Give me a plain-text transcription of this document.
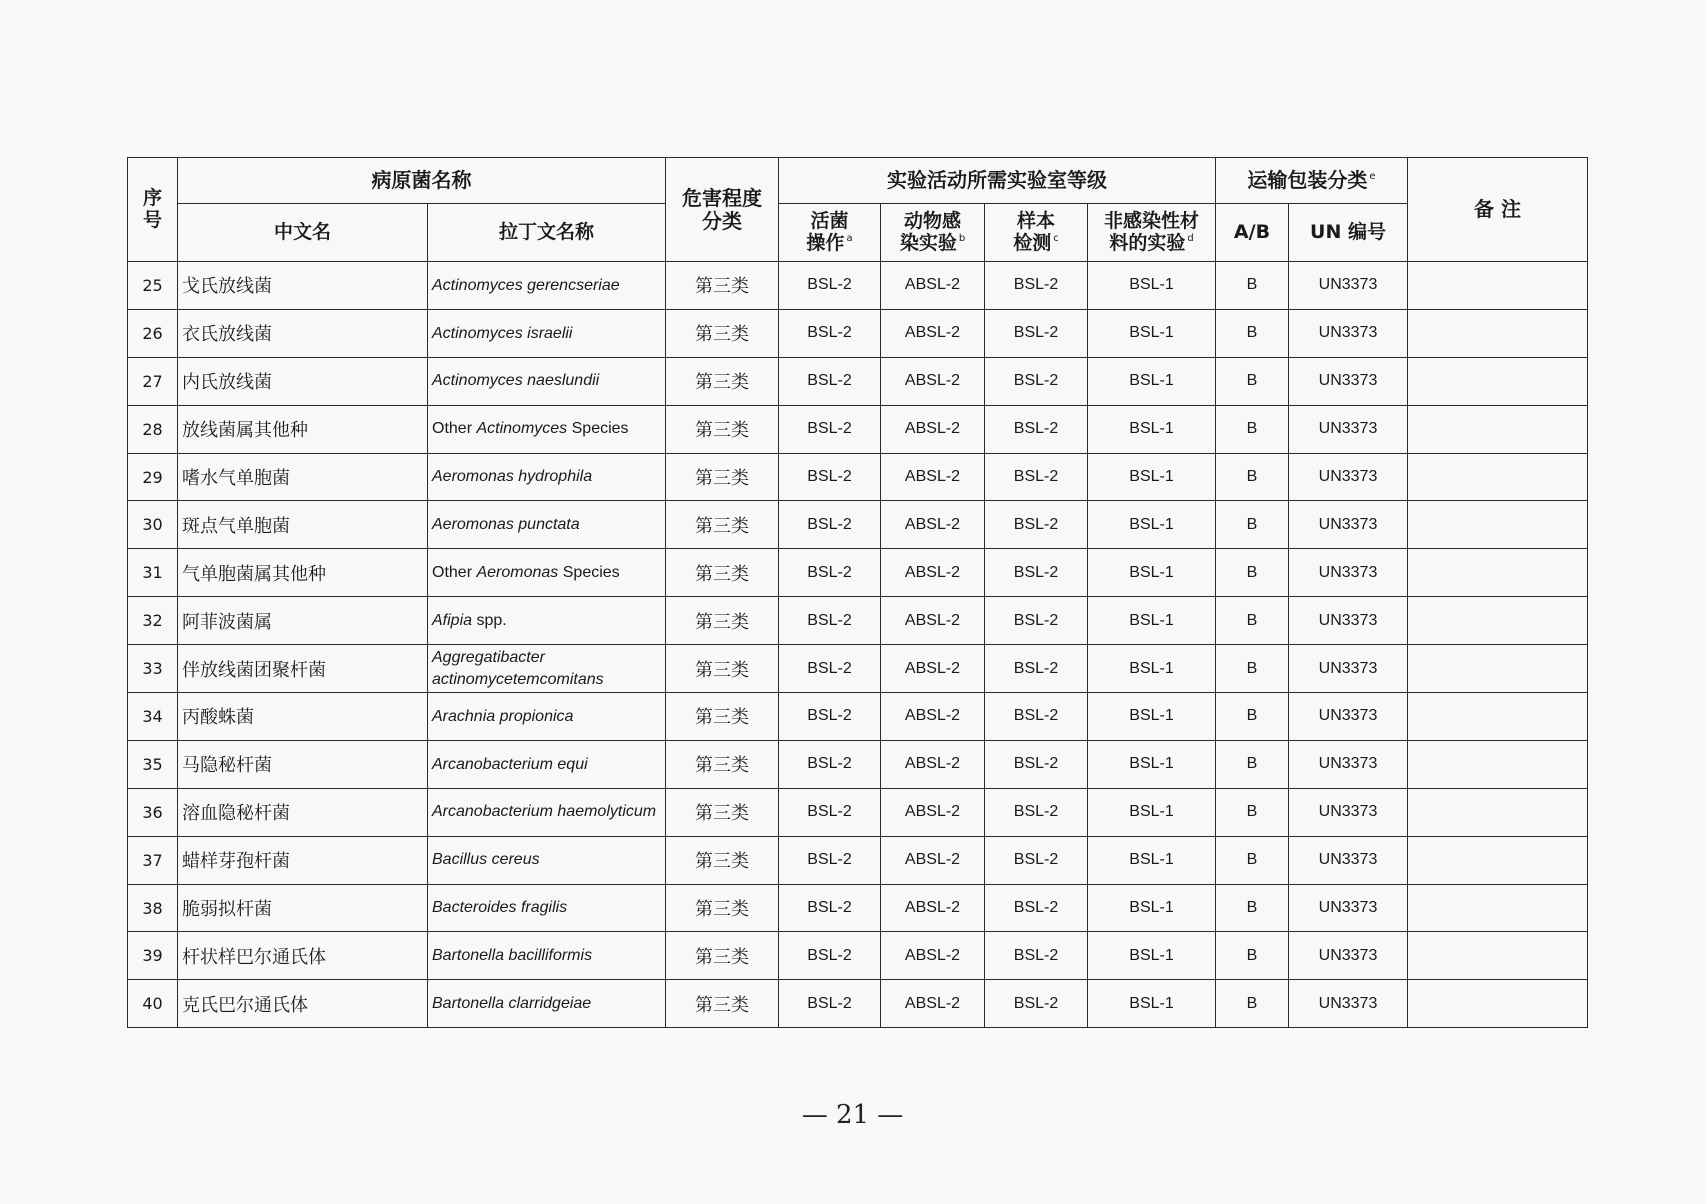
序号	病原菌名称		危害程度分类	实验活动所需实验室等级				运输包装分类 $^e$		备 注
	中文名	拉丁文名称		活菌操作 $^a$	动物感染实验 $^b$	样本检测 $^c$	非感染性材料的实验 $^d$	A/B	UN 编号	
25	戈氏放线菌	Actinomyces gerencseriae	第三类	BSL-2	ABSL-2	BSL-2	BSL-1	B	UN3373	
26	衣氏放线菌	Actinomyces israelii	第三类	BSL-2	ABSL-2	BSL-2	BSL-1	B	UN3373	
27	内氏放线菌	Actinomyces naeslundii	第三类	BSL-2	ABSL-2	BSL-2	BSL-1	B	UN3373	
28	放线菌属其他种	Other Actinomyces Species	第三类	BSL-2	ABSL-2	BSL-2	BSL-1	B	UN3373	
29	嗜水气单胞菌	Aeromonas hydrophila	第三类	BSL-2	ABSL-2	BSL-2	BSL-1	B	UN3373	
30	斑点气单胞菌	Aeromonas punctata	第三类	BSL-2	ABSL-2	BSL-2	BSL-1	B	UN3373	
31	气单胞菌属其他种	Other Aeromonas Species	第三类	BSL-2	ABSL-2	BSL-2	BSL-1	B	UN3373	
32	阿菲波菌属	Afipia spp.	第三类	BSL-2	ABSL-2	BSL-2	BSL-1	B	UN3373	
33	伴放线菌团聚杆菌	Aggregatibacter actinomycetemcomitans	第三类	BSL-2	ABSL-2	BSL-2	BSL-1	B	UN3373	
34	丙酸蛛菌	Arachnia propionica	第三类	BSL-2	ABSL-2	BSL-2	BSL-1	B	UN3373	
35	马隐秘杆菌	Arcanobacterium equi	第三类	BSL-2	ABSL-2	BSL-2	BSL-1	B	UN3373	
36	溶血隐秘杆菌	Arcanobacterium haemolyticum	第三类	BSL-2	ABSL-2	BSL-2	BSL-1	B	UN3373	
37	蜡样芽孢杆菌	Bacillus cereus	第三类	BSL-2	ABSL-2	BSL-2	BSL-1	B	UN3373	
38	脆弱拟杆菌	Bacteroides fragilis	第三类	BSL-2	ABSL-2	BSL-2	BSL-1	B	UN3373	
39	杆状样巴尔通氏体	Bartonella bacilliformis	第三类	BSL-2	ABSL-2	BSL-2	BSL-1	B	UN3373	
40	克氏巴尔通氏体	Bartonella clarridgeiae	第三类	BSL-2	ABSL-2	BSL-2	BSL-1	B	UN3373	
— 21 —
